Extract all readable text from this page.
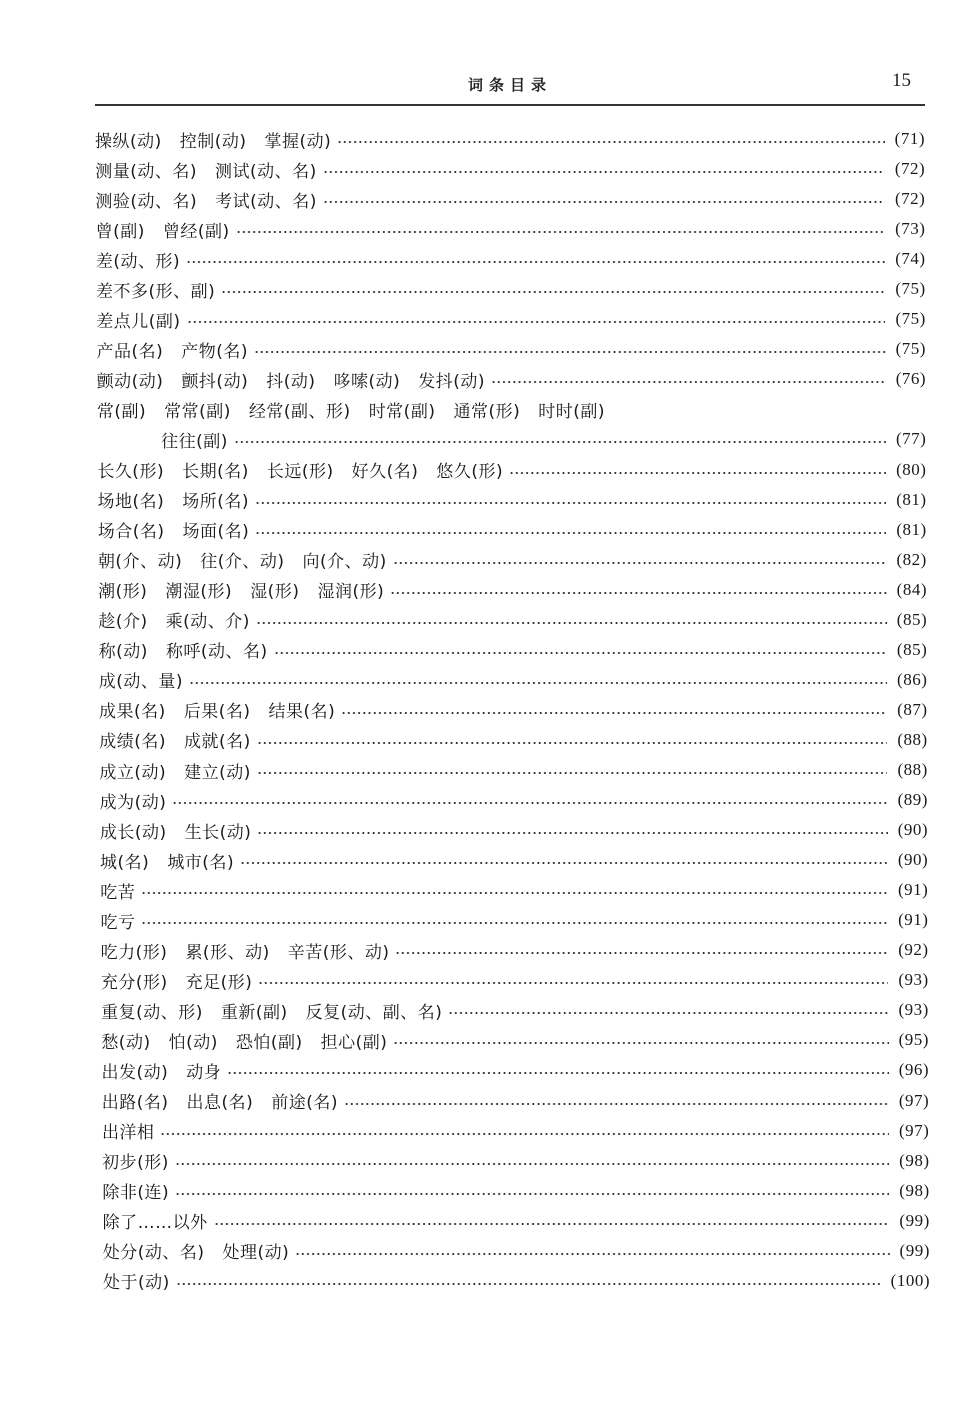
词条目录	15
操纵(动) 控制(动) 掌握(动)	(71)
测量(动、名) 测试(动、名)	(72)
测验(动、名) 考试(动、名)	(72)
曾(副) 曾经(副)	(73)
差(动、形)	(74)
差不多(形、副)	(75)
差点儿(副)	(75)
产品(名) 产物(名)	(75)
颤动(动) 颤抖(动) 抖(动) 哆嗦(动) 发抖(动)	(76)
常(副) 常常(副) 经常(副、形) 时常(副) 通常(形) 时时(副)
往往(副)	(77)
长久(形) 长期(名) 长远(形) 好久(名) 悠久(形)	(80)
场地(名) 场所(名)	(81)
场合(名) 场面(名)	(81)
朝(介、动) 往(介、动) 向(介、动)	(82)
潮(形) 潮湿(形) 湿(形) 湿润(形)	(84)
趁(介) 乘(动、介)	(85)
称(动) 称呼(动、名)	(85)
成(动、量)	(86)
成果(名) 后果(名) 结果(名)	(87)
成绩(名) 成就(名)	(88)
成立(动) 建立(动)	(88)
成为(动)	(89)
成长(动) 生长(动)	(90)
城(名) 城市(名)	(90)
吃苦	(91)
吃亏	(91)
吃力(形) 累(形、动) 辛苦(形、动)	(92)
充分(形) 充足(形)	(93)
重复(动、形) 重新(副) 反复(动、副、名)	(93)
愁(动) 怕(动) 恐怕(副) 担心(副)	(95)
出发(动) 动身	(96)
出路(名) 出息(名) 前途(名)	(97)
出洋相	(97)
初步(形)	(98)
除非(连)	(98)
除了……以外	(99)
处分(动、名) 处理(动)	(99)
处于(动)	(100)
